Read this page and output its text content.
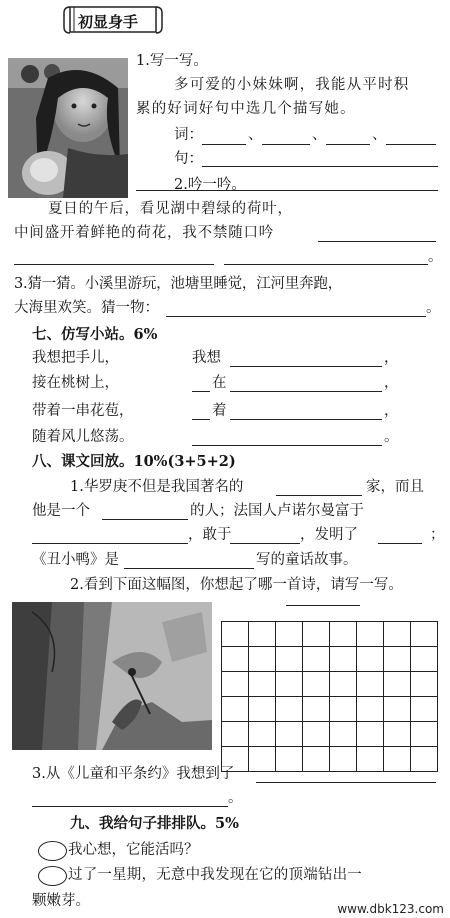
初显身手
1.写一写。
多可爱的小妹妹啊，我能从平时积
累的好词好句中选几个描写她。
词：	、	、	、
句：
2.吟一吟。
夏日的午后，看见湖中碧绿的荷叶，
中间盛开着鲜艳的荷花，我不禁随口吟
。
3.猜一猜。小溪里游玩，池塘里睡觉，江河里奔跑，
大海里欢笑。猜一物：	。
七、仿写小站。6%
我想把手儿，	我想	，
接在桃树上，	在	，
带着一串花苞，	着	，
随着风儿悠荡。	。
八、课文回放。10%(3+5+2)
1.华罗庚不但是我国著名的	家，而且
他是一个	的人；法国人卢诺尔曼富于
，敢于	，发明了	；
《丑小鸭》是	写的童话故事。
2.看到下面这幅图，你想起了哪一首诗，请写一写。

3.从《儿童和平条约》我想到了
。
九、我给句子排排队。5%
我心想，它能活吗？
过了一星期，无意中我发现在它的顶端钻出一
颗嫩芽。	www.dbk123.com
